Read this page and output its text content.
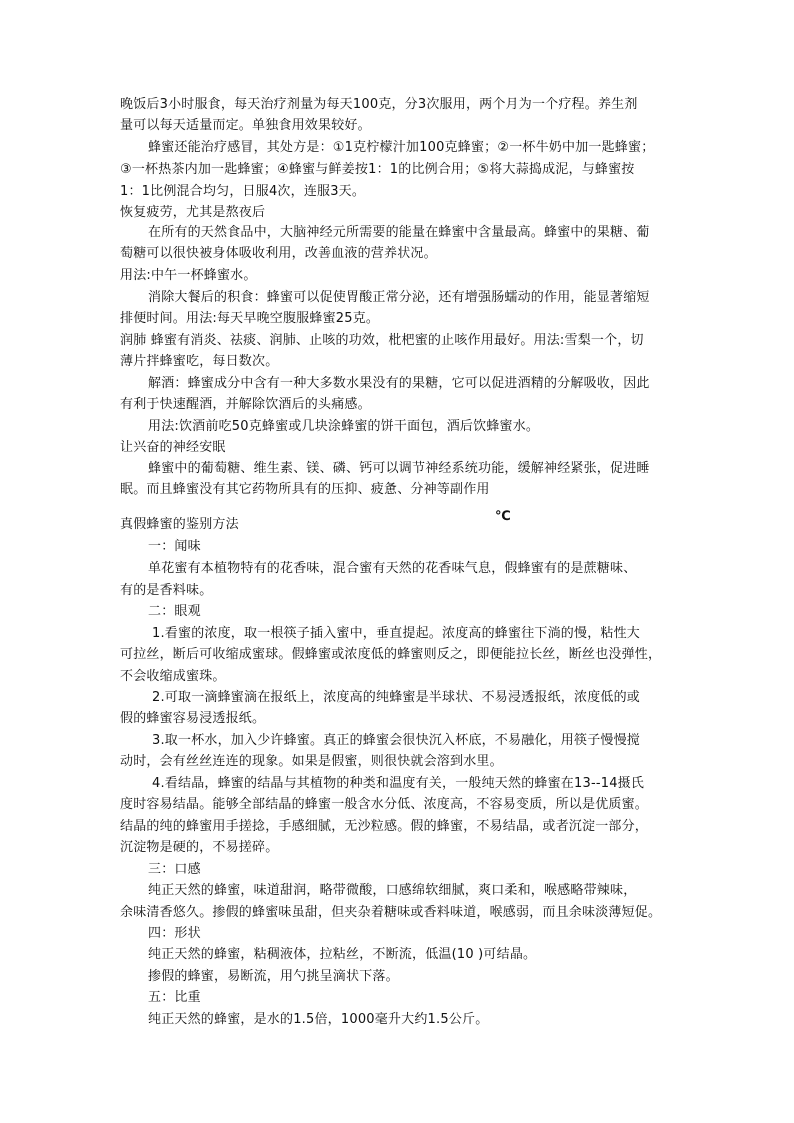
晚饭后3小时服食，每天治疗剂量为每天100克，分3次服用，两个月为一个疗程。养生剂
量可以每天适量而定。单独食用效果较好。
蜂蜜还能治疗感冒，其处方是：①1克柠檬汁加100克蜂蜜；②一杯牛奶中加一匙蜂蜜；
③一杯热茶内加一匙蜂蜜；④蜂蜜与鲜姜按1：1的比例合用；⑤将大蒜捣成泥，与蜂蜜按
1：1比例混合均匀，日服4次，连服3天。
恢复疲劳，尤其是熬夜后
在所有的天然食品中，大脑神经元所需要的能量在蜂蜜中含量最高。蜂蜜中的果糖、葡
萄糖可以很快被身体吸收利用，改善血液的营养状况。
用法:中午一杯蜂蜜水。
消除大餐后的积食：蜂蜜可以促使胃酸正常分泌，还有增强肠蠕动的作用，能显著缩短
排便时间。用法:每天早晚空腹服蜂蜜25克。
润肺 蜂蜜有消炎、祛痰、润肺、止咳的功效，枇杷蜜的止咳作用最好。用法:雪梨一个，切
薄片拌蜂蜜吃，每日数次。
解酒：蜂蜜成分中含有一种大多数水果没有的果糖，它可以促进酒精的分解吸收，因此
有利于快速醒酒，并解除饮酒后的头痛感。
用法:饮酒前吃50克蜂蜜或几块涂蜂蜜的饼干面包，酒后饮蜂蜜水。
让兴奋的神经安眠
蜂蜜中的葡萄糖、维生素、镁、磷、钙可以调节神经系统功能，缓解神经紧张，促进睡
眠。而且蜂蜜没有其它药物所具有的压抑、疲惫、分神等副作用
真假蜂蜜的鉴别方法
℃
一：闻味
单花蜜有本植物特有的花香味，混合蜜有天然的花香味气息，假蜂蜜有的是蔗糖味、
有的是香料味。
二：眼观
1.看蜜的浓度，取一根筷子插入蜜中，垂直提起。浓度高的蜂蜜往下淌的慢，粘性大
可拉丝，断后可收缩成蜜球。假蜂蜜或浓度低的蜂蜜则反之，即便能拉长丝，断丝也没弹性，
不会收缩成蜜珠。
2.可取一滴蜂蜜滴在报纸上，浓度高的纯蜂蜜是半球状、不易浸透报纸，浓度低的或
假的蜂蜜容易浸透报纸。
3.取一杯水，加入少许蜂蜜。真正的蜂蜜会很快沉入杯底，不易融化，用筷子慢慢搅
动时，会有丝丝连连的现象。如果是假蜜，则很快就会溶到水里。
4.看结晶，蜂蜜的结晶与其植物的种类和温度有关，一般纯天然的蜂蜜在13--14摄氏
度时容易结晶。能够全部结晶的蜂蜜一般含水分低、浓度高，不容易变质，所以是优质蜜。
结晶的纯的蜂蜜用手搓捻，手感细腻，无沙粒感。假的蜂蜜，不易结晶，或者沉淀一部分，
沉淀物是硬的，不易搓碎。
三：口感
纯正天然的蜂蜜，味道甜润，略带微酸，口感绵软细腻，爽口柔和，喉感略带辣味，
余味清香悠久。掺假的蜂蜜味虽甜，但夹杂着糖味或香料味道，喉感弱，而且余味淡薄短促。
四：形状
纯正天然的蜂蜜，粘稠液体，拉粘丝，不断流，低温(10 )可结晶。
掺假的蜂蜜，易断流，用勺挑呈滴状下落。
五：比重
纯正天然的蜂蜜，是水的1.5倍，1000毫升大约1.5公斤。
